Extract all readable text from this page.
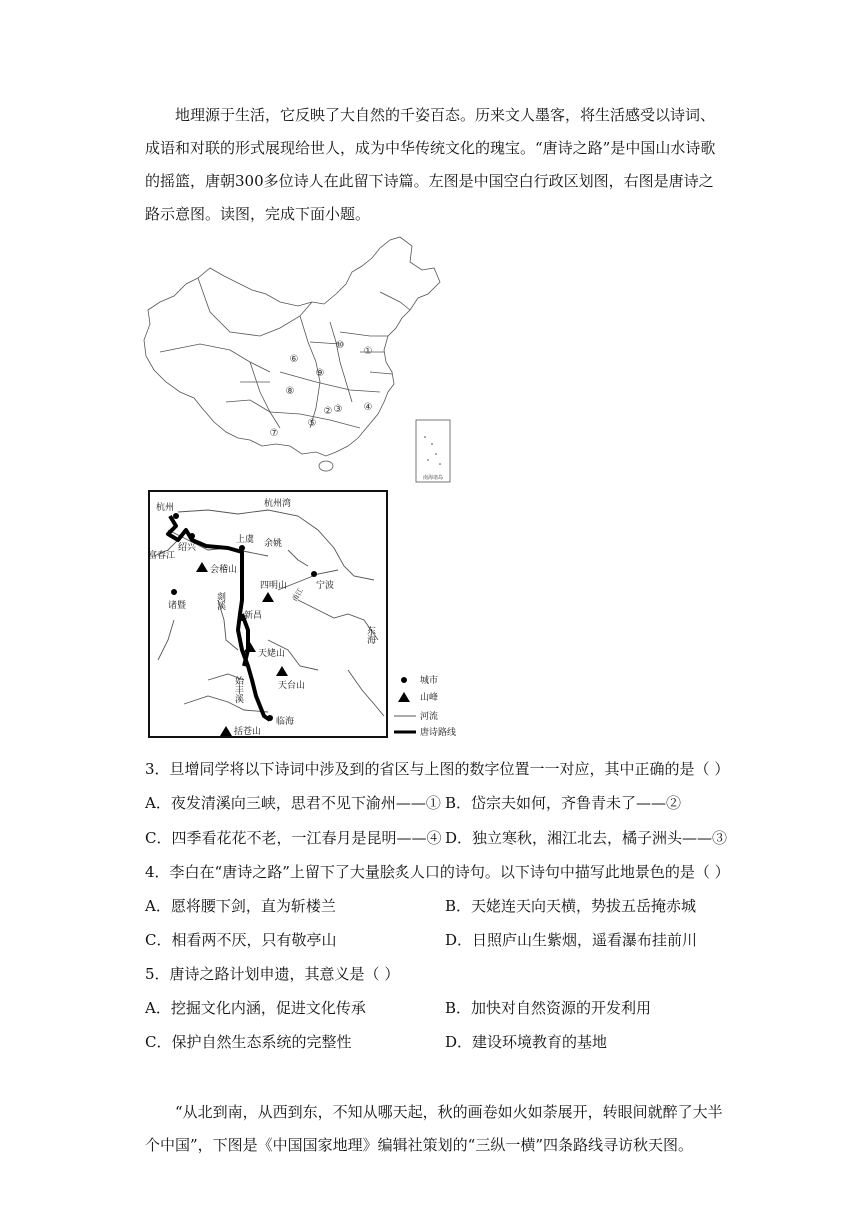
地理源于生活，它反映了大自然的千姿百态。历来文人墨客，将生活感受以诗词、成语和对联的形式展现给世人，成为中华传统文化的瑰宝。“唐诗之路”是中国山水诗歌的摇篮，唐朝300多位诗人在此留下诗篇。左图是中国空白行政区划图，右图是唐诗之路示意图。读图，完成下面小题。
南海诸岛
①
② ③ ④
⑤
⑥
⑦
⑧
⑨
⑩
杭州	杭州湾
绍兴
上虞 余姚
富春江
会稽山
四明山	宁波
甬江
诸暨	剡溪
新昌
东海
天姥山
天台山
始丰溪
临海
括苍山
城市
山峰
河流
唐诗路线
3．旦增同学将以下诗词中涉及到的省区与上图的数字位置一一对应，其中正确的是（ ）
A．夜发清溪向三峡，思君不见下渝州——① B．岱宗夫如何，齐鲁青未了——②
C．四季看花花不老，一江春月是昆明——④ D．独立寒秋，湘江北去，橘子洲头——③
4．李白在“唐诗之路”上留下了大量脍炙人口的诗句。以下诗句中描写此地景色的是（ ）
A．愿将腰下剑，直为斩楼兰	B．天姥连天向天横，势拔五岳掩赤城
C．相看两不厌，只有敬亭山	D．日照庐山生紫烟，遥看瀑布挂前川
5．唐诗之路计划申遗，其意义是（ ）
A．挖掘文化内涵，促进文化传承	B．加快对自然资源的开发利用
C．保护自然生态系统的完整性	D．建设环境教育的基地
“从北到南，从西到东，不知从哪天起，秋的画卷如火如荼展开，转眼间就醉了大半个中国”，下图是《中国国家地理》编辑社策划的“三纵一横”四条路线寻访秋天图。
